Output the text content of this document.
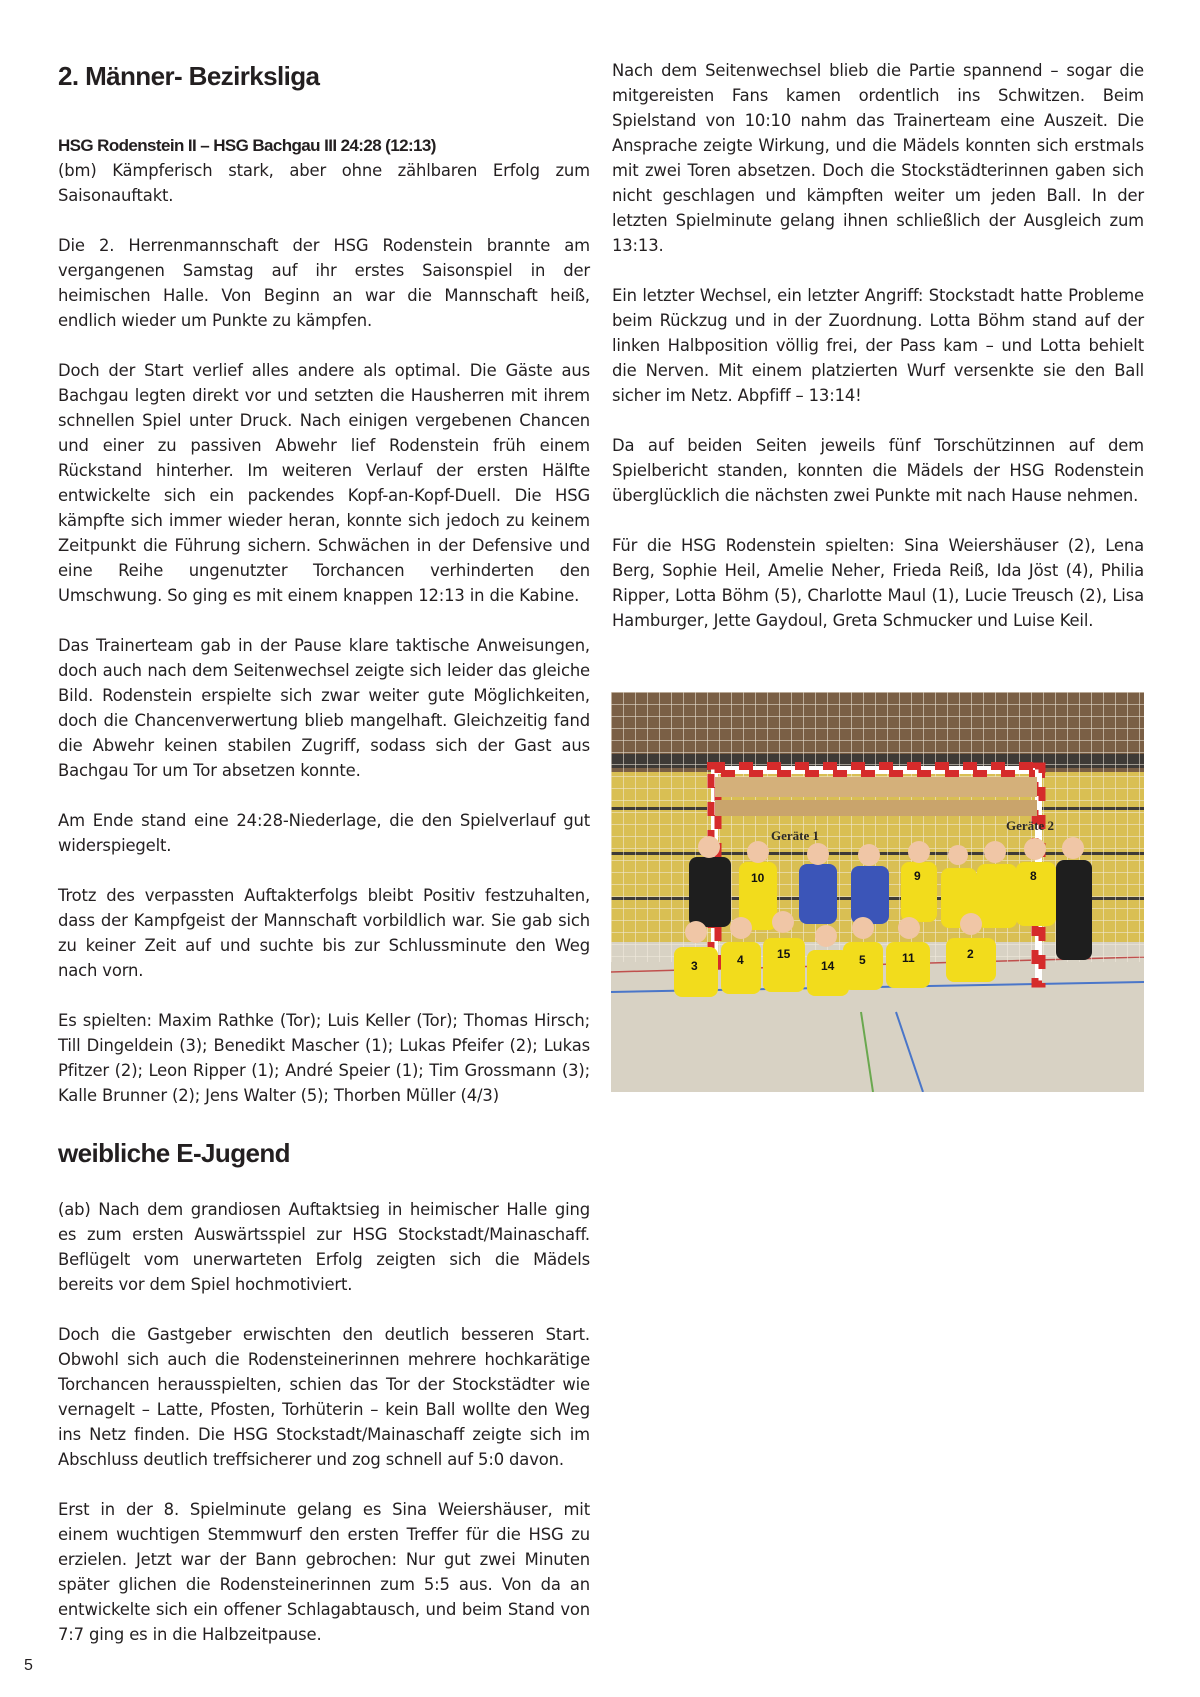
2. Männer- Bezirksliga
HSG Rodenstein II – HSG Bachgau III 24:28 (12:13)

(bm) Kämpferisch stark, aber ohne zählbaren Erfolg zum Saisonauftakt.

Die 2. Herrenmannschaft der HSG Rodenstein brannte am vergangenen Samstag auf ihr erstes Saisonspiel in der heimischen Halle. Von Beginn an war die Mannschaft heiß, endlich wieder um Punkte zu kämpfen.

Doch der Start verlief alles andere als optimal. Die Gäste aus Bachgau legten direkt vor und setzten die Hausherren mit ihrem schnellen Spiel unter Druck. Nach einigen vergebenen Chancen und einer zu passiven Abwehr lief Rodenstein früh einem Rückstand hinterher. Im weiteren Verlauf der ersten Hälfte entwickelte sich ein packendes Kopf-an-Kopf-Duell. Die HSG kämpfte sich immer wieder heran, konnte sich jedoch zu keinem Zeitpunkt die Führung sichern. Schwächen in der Defensive und eine Reihe ungenutzter Torchancen verhinderten den Umschwung. So ging es mit einem knappen 12:13 in die Kabine.

Das Trainerteam gab in der Pause klare taktische Anweisungen, doch auch nach dem Seitenwechsel zeigte sich leider das gleiche Bild. Rodenstein erspielte sich zwar weiter gute Möglichkeiten, doch die Chancenverwertung blieb mangelhaft. Gleichzeitig fand die Abwehr keinen stabilen Zugriff, sodass sich der Gast aus Bachgau Tor um Tor absetzen konnte.

Am Ende stand eine 24:28-Niederlage, die den Spielverlauf gut widerspiegelt.

Trotz des verpassten Auftakterfolgs bleibt Positiv festzuhalten, dass der Kampfgeist der Mannschaft vorbildlich war. Sie gab sich zu keiner Zeit auf und suchte bis zur Schlussminute den Weg nach vorn.

Es spielten: Maxim Rathke (Tor); Luis Keller (Tor); Thomas Hirsch; Till Dingeldein (3); Benedikt Mascher (1); Lukas Pfeifer (2); Lukas Pfitzer (2); Leon Ripper (1); André Speier (1); Tim Grossmann (3); Kalle Brunner (2); Jens Walter (5); Thorben Müller (4/3)

weibliche E-Jugend

(ab) Nach dem grandiosen Auftaktsieg in heimischer Halle ging es zum ersten Auswärtsspiel zur HSG Stockstadt/Mainaschaff. Beflügelt vom unerwarteten Erfolg zeigten sich die Mädels bereits vor dem Spiel hochmotiviert.

Doch die Gastgeber erwischten den deutlich besseren Start. Obwohl sich auch die Rodensteinerinnen mehrere hochkarätige Torchancen herausspielten, schien das Tor der Stockstädter wie vernagelt – Latte, Pfosten, Torhüterin – kein Ball wollte den Weg ins Netz finden. Die HSG Stockstadt/Mainaschaff zeigte sich im Abschluss deutlich treffsicherer und zog schnell auf 5:0 davon.

Erst in der 8. Spielminute gelang es Sina Weiershäuser, mit einem wuchtigen Stemmwurf den ersten Treffer für die HSG zu erzielen. Jetzt war der Bann gebrochen: Nur gut zwei Minuten später glichen die Rodensteinerinnen zum 5:5 aus. Von da an entwickelte sich ein offener Schlagabtausch, und beim Stand von 7:7 ging es in die Halbzeitpause.

Nach dem Seitenwechsel blieb die Partie spannend – sogar die mitgereisten Fans kamen ordentlich ins Schwitzen. Beim Spielstand von 10:10 nahm das Trainerteam eine Auszeit. Die Ansprache zeigte Wirkung, und die Mädels konnten sich erstmals mit zwei Toren absetzen. Doch die Stockstädterinnen gaben sich nicht geschlagen und kämpften weiter um jeden Ball. In der letzten Spielminute gelang ihnen schließlich der Ausgleich zum 13:13.

Ein letzter Wechsel, ein letzter Angriff: Stockstadt hatte Probleme beim Rückzug und in der Zuordnung. Lotta Böhm stand auf der linken Halbposition völlig frei, der Pass kam – und Lotta behielt die Nerven. Mit einem platzierten Wurf versenkte sie den Ball sicher im Netz. Abpfiff – 13:14!

Da auf beiden Seiten jeweils fünf Torschützinnen auf dem Spielbericht standen, konnten die Mädels der HSG Rodenstein überglücklich die nächsten zwei Punkte mit nach Hause nehmen.

Für die HSG Rodenstein spielten: Sina Weiershäuser (2), Lena Berg, Sophie Heil, Amelie Neher, Frieda Reiß, Ida Jöst (4), Philia Ripper, Lotta Böhm (5), Charlotte Maul (1), Lucie Treusch (2), Lisa Hamburger, Jette Gaydoul, Greta Schmucker und Luise Keil.

Geräte 1
Geräte 2
10	9	8
3	4	15
14 5	11	2
5
